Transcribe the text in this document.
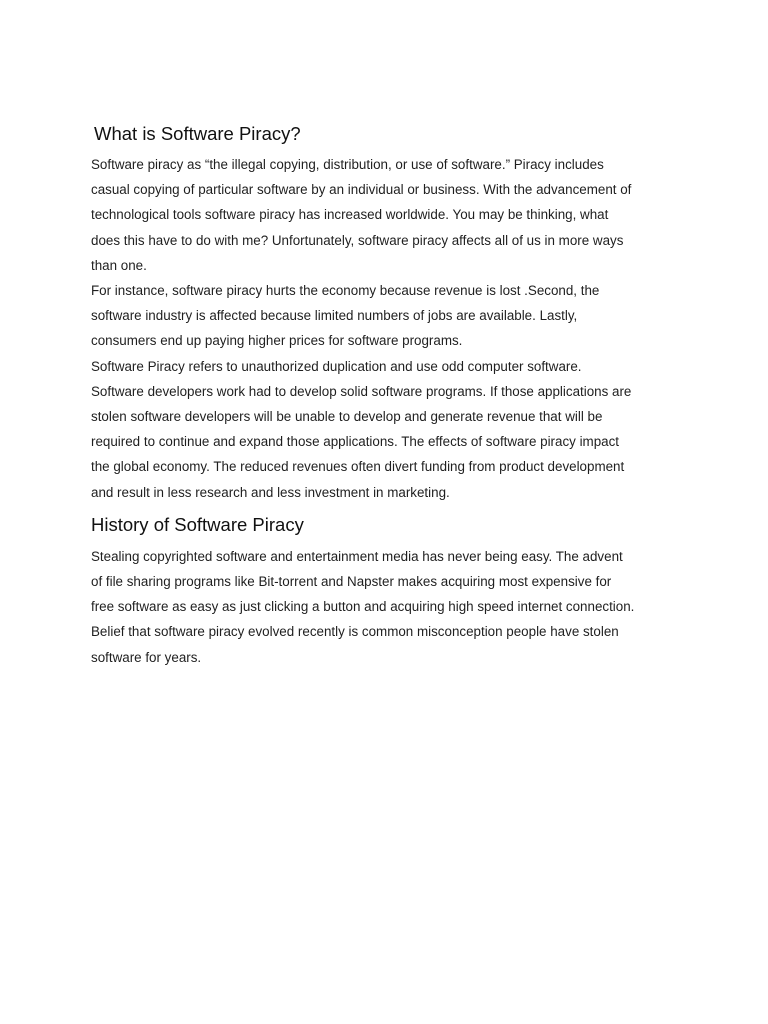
What is Software Piracy?
Software piracy as “the illegal copying, distribution, or use of software.” Piracy includes
casual copying of particular software by an individual or business. With the advancement of
technological tools software piracy has increased worldwide. You may be thinking, what
does this have to do with me? Unfortunately, software piracy affects all of us in more ways
than one.
For instance, software piracy hurts the economy because revenue is lost .Second, the
software industry is affected because limited numbers of jobs are available. Lastly,
consumers end up paying higher prices for software programs.
Software Piracy refers to unauthorized duplication and use odd computer software.
Software developers work had to develop solid software programs. If those applications are
stolen software developers will be unable to develop and generate revenue that will be
required to continue and expand those applications. The effects of software piracy impact
the global economy. The reduced revenues often divert funding from product development
and result in less research and less investment in marketing.
History of Software Piracy
Stealing copyrighted software and entertainment media has never being easy. The advent
of file sharing programs like Bit-torrent and Napster makes acquiring most expensive for
free software as easy as just clicking a button and acquiring high speed internet connection.
Belief that software piracy evolved recently is common misconception people have stolen
software for years.
